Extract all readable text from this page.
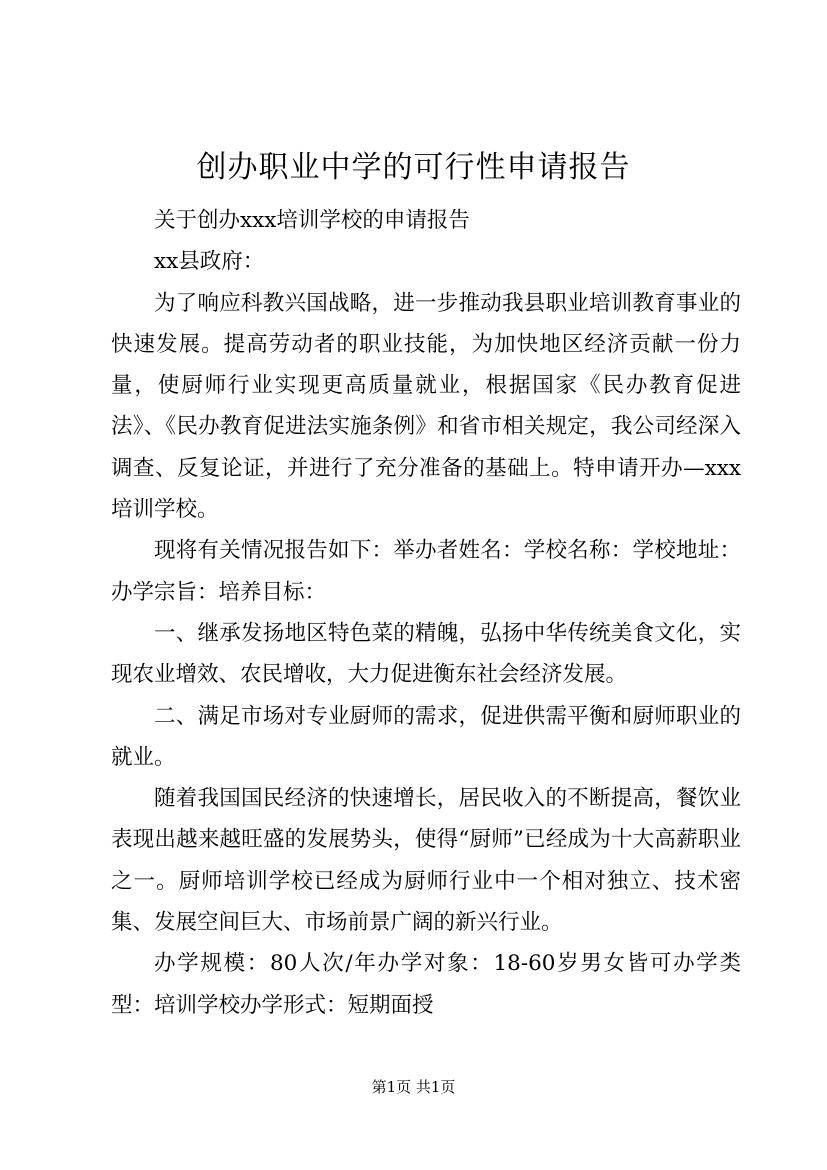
创办职业中学的可行性申请报告

关于创办xxx培训学校的申请报告

xx县政府：

为了响应科教兴国战略，进一步推动我县职业培训教育事业的快速发展。提高劳动者的职业技能，为加快地区经济贡献一份力量，使厨师行业实现更高质量就业，根据国家《民办教育促进法》、《民办教育促进法实施条例》和省市相关规定，我公司经深入调查、反复论证，并进行了充分准备的基础上。特申请开办—xxx培训学校。

现将有关情况报告如下：举办者姓名：学校名称：学校地址：办学宗旨：培养目标：

一、继承发扬地区特色菜的精魄，弘扬中华传统美食文化，实现农业增效、农民增收，大力促进衡东社会经济发展。

二、满足市场对专业厨师的需求，促进供需平衡和厨师职业的就业。

随着我国国民经济的快速增长，居民收入的不断提高，餐饮业表现出越来越旺盛的发展势头，使得“厨师”已经成为十大高薪职业之一。厨师培训学校已经成为厨师行业中一个相对独立、技术密集、发展空间巨大、市场前景广阔的新兴行业。

办学规模：80人次/年办学对象：18-60岁男女皆可办学类型：培训学校办学形式：短期面授

第1页 共1页
